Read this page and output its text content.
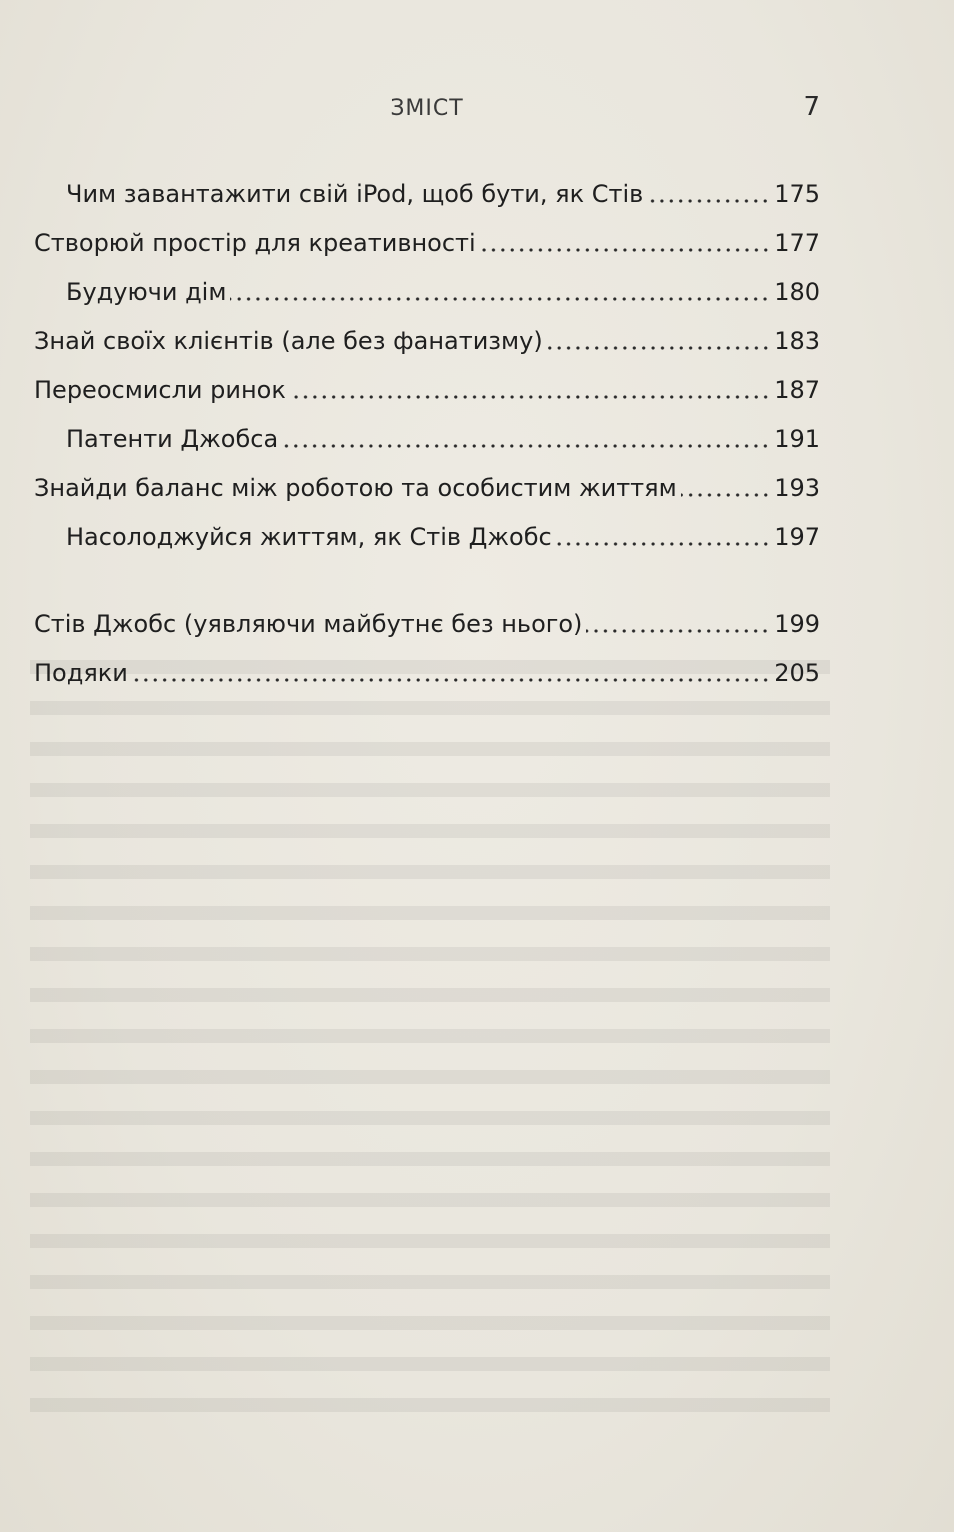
ЗМІСТ	7
Чим завантажити свій iPod, щоб бути, як Стів	175
Створюй простір для креативності	177
Будуючи дім	180
Знай своїх клієнтів (але без фанатизму)	183
Переосмисли ринок	187
Патенти Джобса	191
Знайди баланс між роботою та особистим життям	193
Насолоджуйся життям, як Стів Джобс	197
Стів Джобс (уявляючи майбутнє без нього)	199
Подяки	205
